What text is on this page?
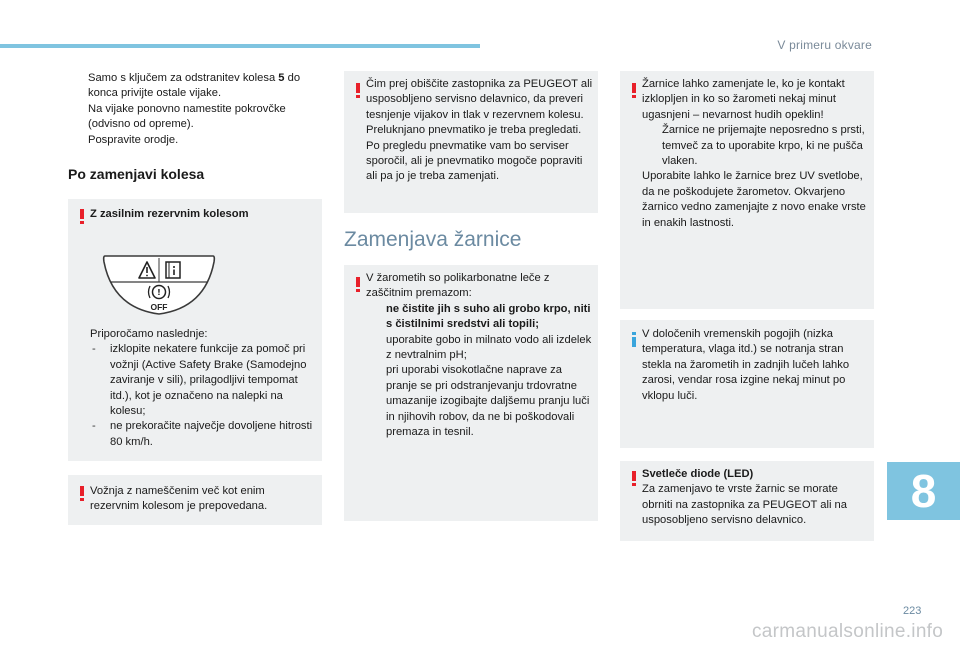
V primeru okvare
Samo s ključem za odstranitev kolesa 5 do konca privijte ostale vijake.
Na vijake ponovno namestite pokrovčke (odvisno od opreme).
Pospravite orodje.
Po zamenjavi kolesa
Z zasilnim rezervnim kolesom
Priporočamo naslednje:
- izklopite nekatere funkcije za pomoč pri vožnji (Active Safety Brake (Samodejno zaviranje v sili), prilagodljivi tempomat itd.), kot je označeno na nalepki na kolesu;
- ne prekoračite največje dovoljene hitrosti 80 km/h.
!
OFF
Vožnja z nameščenim več kot enim rezervnim kolesom je prepovedana.
Čim prej obiščite zastopnika za PEUGEOT ali usposobljeno servisno delavnico, da preveri tesnjenje vijakov in tlak v rezervnem kolesu.
Preluknjano pnevmatiko je treba pregledati. Po pregledu pnevmatike vam bo serviser sporočil, ali je pnevmatiko mogoče popraviti ali pa jo je treba zamenjati.
Zamenjava žarnice
V žarometih so polikarbonatne leče z zaščitnim premazom:
ne čistite jih s suho ali grobo krpo, niti s čistilnimi sredstvi ali topili;
uporabite gobo in milnato vodo ali izdelek z nevtralnim pH;
pri uporabi visokotlačne naprave za pranje se pri odstranjevanju trdovratne umazanije izogibajte daljšemu pranju luči in njihovih robov, da ne bi poškodovali premaza in tesnil.
Žarnice lahko zamenjate le, ko je kontakt izklopljen in ko so žarometi nekaj minut ugasnjeni – nevarnost hudih opeklin!
Žarnice ne prijemajte neposredno s prsti, temveč za to uporabite krpo, ki ne pušča vlaken.
Uporabite lahko le žarnice brez UV svetlobe, da ne poškodujete žarometov. Okvarjeno žarnico vedno zamenjajte z novo enake vrste in enakih lastnosti.
V določenih vremenskih pogojih (nizka temperatura, vlaga itd.) se notranja stran stekla na žarometih in zadnjih lučeh lahko zarosi, vendar rosa izgine nekaj minut po vklopu luči.
Svetleče diode (LED)
Za zamenjavo te vrste žarnic se morate obrniti na zastopnika za PEUGEOT ali na usposobljeno servisno delavnico.
8
223
carmanualsonline.info
